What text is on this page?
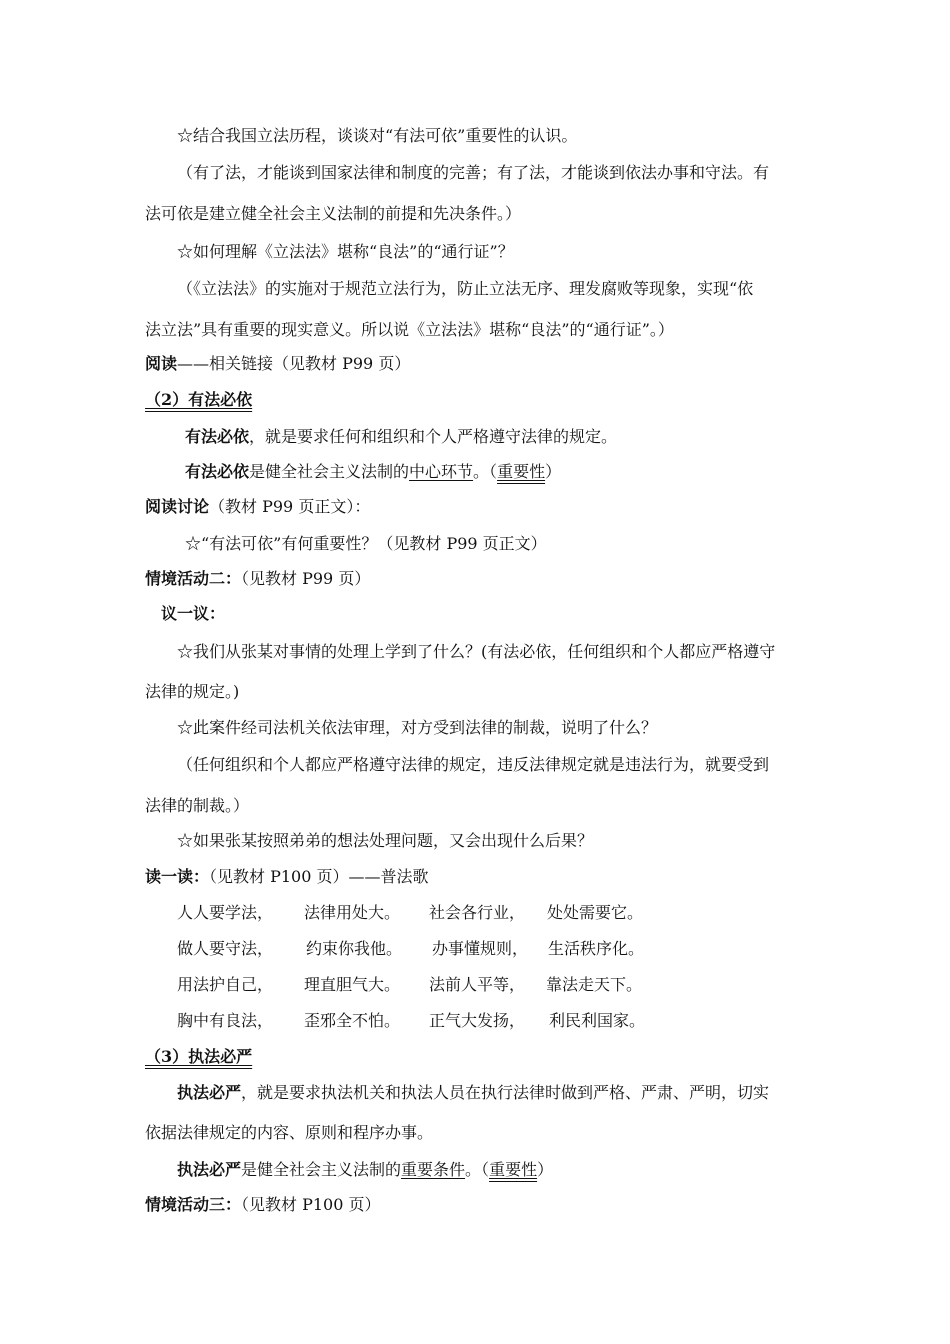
☆结合我国立法历程，谈谈对“有法可依”重要性的认识。
（有了法，才能谈到国家法律和制度的完善；有了法，才能谈到依法办事和守法。有
法可依是建立健全社会主义法制的前提和先决条件。）
☆如何理解《立法法》堪称“良法”的“通行证”？
（《立法法》的实施对于规范立法行为，防止立法无序、理发腐败等现象，实现“依
法立法”具有重要的现实意义。所以说《立法法》堪称“良法”的“通行证”。）
阅读——相关链接（见教材 P99 页）
（2）有法必依
有法必依，就是要求任何和组织和个人严格遵守法律的规定。
有法必依是健全社会主义法制的中心环节。（重要性）
阅读讨论（教材 P99 页正文）：
☆“有法可依”有何重要性？（见教材 P99 页正文）
情境活动二：（见教材 P99 页）
议一议：
☆我们从张某对事情的处理上学到了什么？(有法必依，任何组织和个人都应严格遵守
法律的规定。)
☆此案件经司法机关依法审理，对方受到法律的制裁，说明了什么？
（任何组织和个人都应严格遵守法律的规定，违反法律规定就是违法行为，就要受到
法律的制裁。）
☆如果张某按照弟弟的想法处理问题，又会出现什么后果？
读一读：（见教材 P100 页）——普法歌
人人要学法， 法律用处大。 社会各行业， 处处需要它。
做人要守法， 约束你我他。 办事懂规则， 生活秩序化。
用法护自己， 理直胆气大。 法前人平等， 靠法走天下。
胸中有良法， 歪邪全不怕。 正气大发扬， 利民利国家。
（3）执法必严
执法必严，就是要求执法机关和执法人员在执行法律时做到严格、严肃、严明，切实
依据法律规定的内容、原则和程序办事。
执法必严是健全社会主义法制的重要条件。（重要性）
情境活动三：（见教材 P100 页）
